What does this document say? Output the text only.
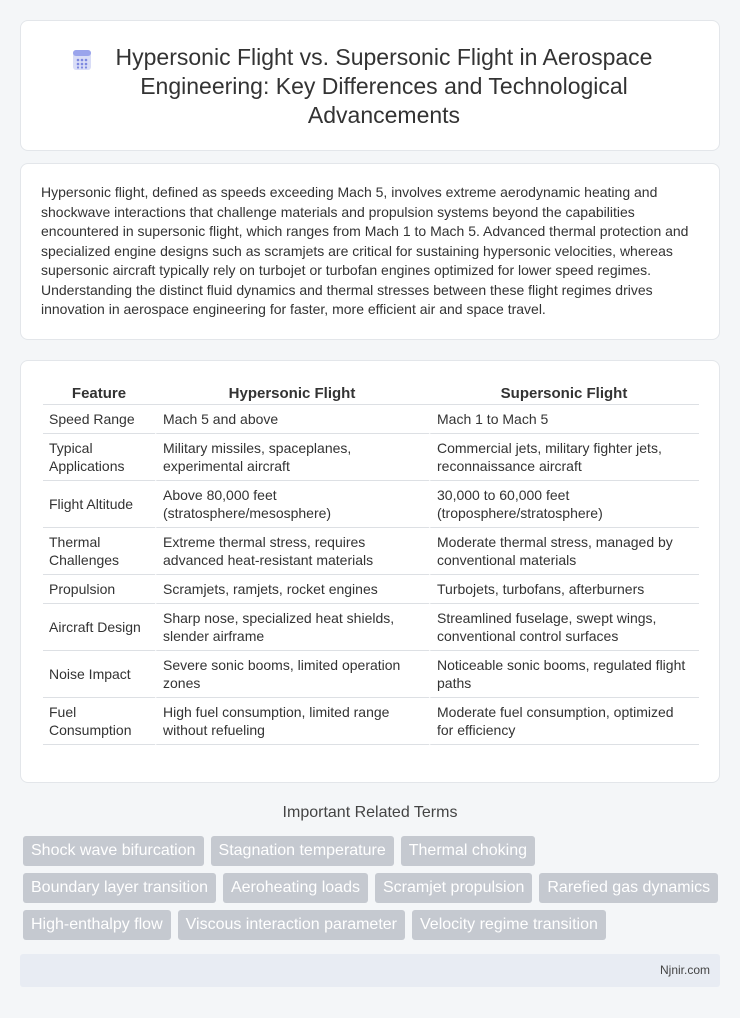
Hypersonic Flight vs. Supersonic Flight in Aerospace Engineering: Key Differences and Technological Advancements

Hypersonic flight, defined as speeds exceeding Mach 5, involves extreme aerodynamic heating and shockwave interactions that challenge materials and propulsion systems beyond the capabilities encountered in supersonic flight, which ranges from Mach 1 to Mach 5. Advanced thermal protection and specialized engine designs such as scramjets are critical for sustaining hypersonic velocities, whereas supersonic aircraft typically rely on turbojet or turbofan engines optimized for lower speed regimes. Understanding the distinct fluid dynamics and thermal stresses between these flight regimes drives innovation in aerospace engineering for faster, more efficient air and space travel.

Feature	Hypersonic Flight	Supersonic Flight
Speed Range	Mach 5 and above	Mach 1 to Mach 5
Typical Applications	Military missiles, spaceplanes, experimental aircraft	Commercial jets, military fighter jets, reconnaissance aircraft
Flight Altitude	Above 80,000 feet (stratosphere/mesosphere)	30,000 to 60,000 feet (troposphere/stratosphere)
Thermal Challenges	Extreme thermal stress, requires advanced heat-resistant materials	Moderate thermal stress, managed by conventional materials
Propulsion	Scramjets, ramjets, rocket engines	Turbojets, turbofans, afterburners
Aircraft Design	Sharp nose, specialized heat shields, slender airframe	Streamlined fuselage, swept wings, conventional control surfaces
Noise Impact	Severe sonic booms, limited operation zones	Noticeable sonic booms, regulated flight paths
Fuel Consumption	High fuel consumption, limited range without refueling	Moderate fuel consumption, optimized for efficiency
Important Related Terms
Shock wave bifurcation	Stagnation temperature	Thermal choking
Boundary layer transition	Aeroheating loads	Scramjet propulsion	Rarefied gas dynamics
High-enthalpy flow	Viscous interaction parameter	Velocity regime transition
Njnir.com
